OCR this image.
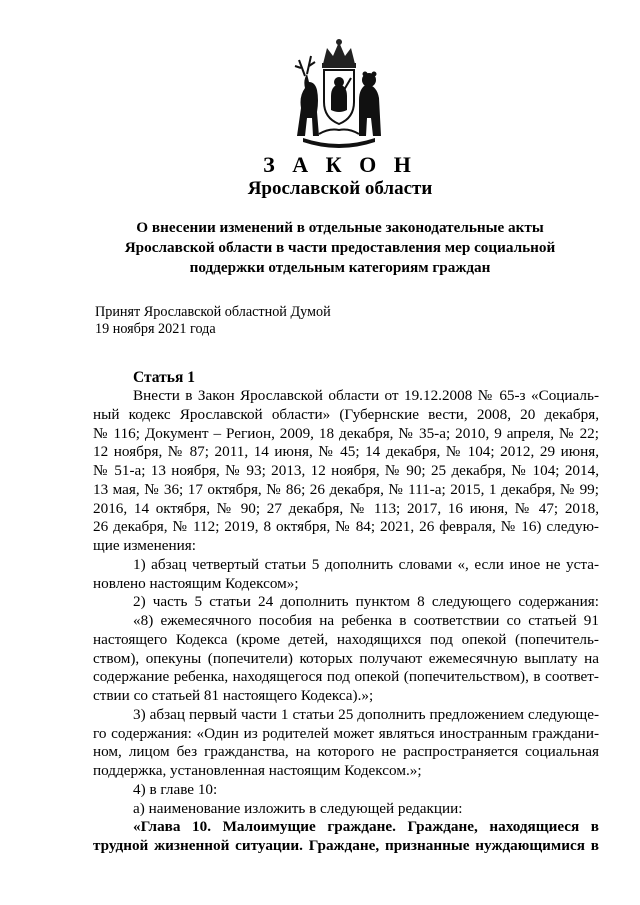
З А К О Н
Ярославской области
О внесении изменений в отдельные законодательные акты
Ярославской области в части предоставления мер социальной
поддержки отдельным категориям граждан
Принят Ярославской областной Думой
19 ноября 2021 года
Статья 1
Внести в Закон Ярославской области от 19.12.2008 № 65-з «Социаль-
ный кодекс Ярославской области» (Губернские вести, 2008, 20 декабря,
№ 116; Документ – Регион, 2009, 18 декабря, № 35-а; 2010, 9 апреля, № 22;
12 ноября, № 87; 2011, 14 июня, № 45; 14 декабря, № 104; 2012, 29 июня,
№ 51-а; 13 ноября, № 93; 2013, 12 ноября, № 90; 25 декабря, № 104; 2014,
13 мая, № 36; 17 октября, № 86; 26 декабря, № 111-а; 2015, 1 декабря, № 99;
2016, 14 октября, № 90; 27 декабря, № 113; 2017, 16 июня, № 47; 2018,
26 декабря, № 112; 2019, 8 октября, № 84; 2021, 26 февраля, № 16) следую-
щие изменения:
1) абзац четвертый статьи 5 дополнить словами «, если иное не уста-
новлено настоящим Кодексом»;
2) часть 5 статьи 24 дополнить пунктом 8 следующего содержания:
«8) ежемесячного пособия на ребенка в соответствии со статьей 91
настоящего Кодекса (кроме детей, находящихся под опекой (попечитель-
ством), опекуны (попечители) которых получают ежемесячную выплату на
содержание ребенка, находящегося под опекой (попечительством), в соответ-
ствии со статьей 81 настоящего Кодекса).»;
3) абзац первый части 1 статьи 25 дополнить предложением следующе-
го содержания: «Один из родителей может являться иностранным граждани-
ном, лицом без гражданства, на которого не распространяется социальная
поддержка, установленная настоящим Кодексом.»;
4) в главе 10:
а) наименование изложить в следующей редакции:
«Глава 10. Малоимущие граждане. Граждане, находящиеся в
трудной жизненной ситуации. Граждане, признанные нуждающимися в
